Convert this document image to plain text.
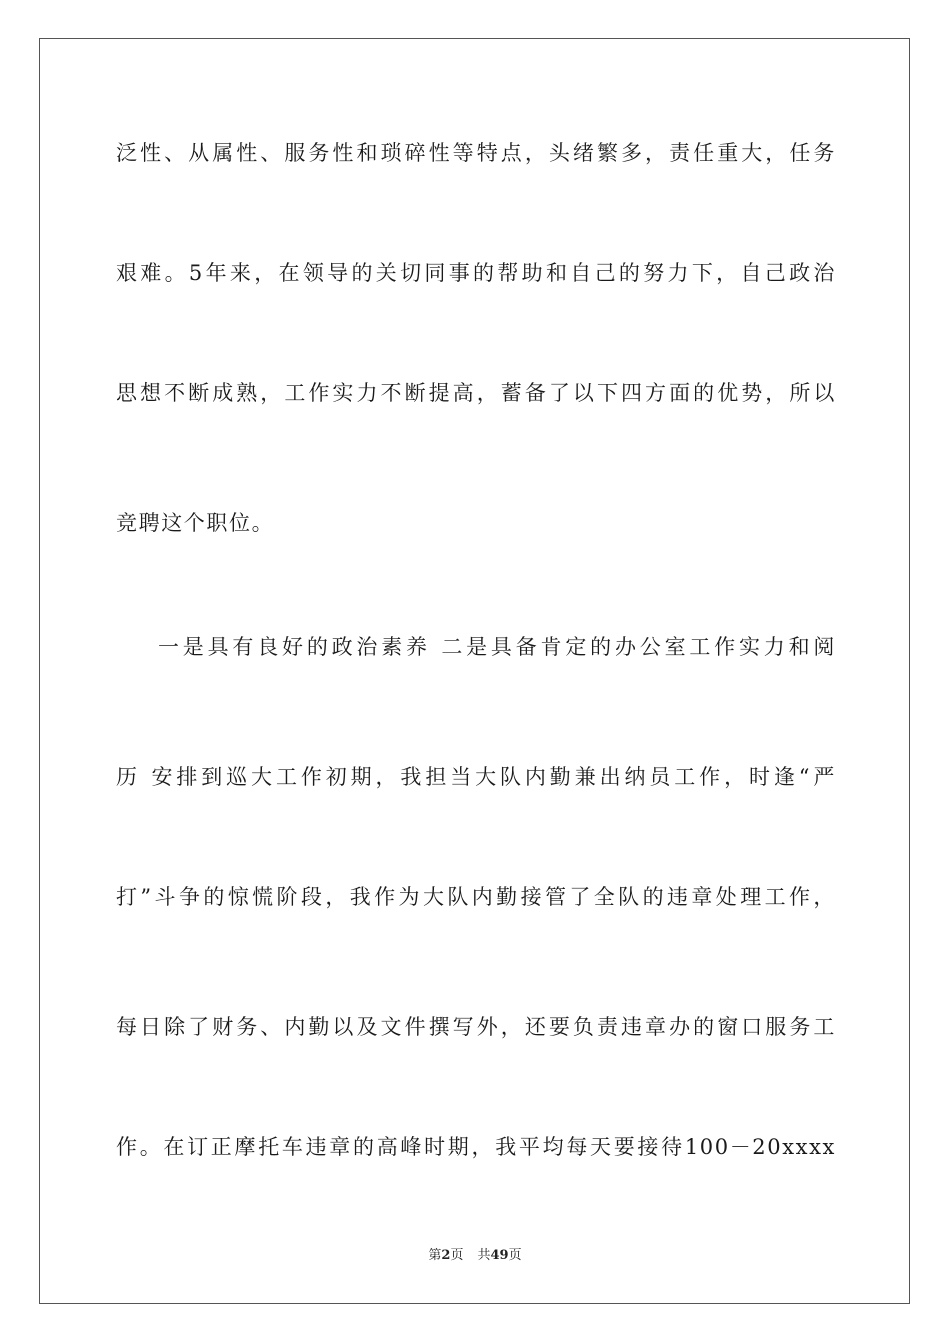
泛性、从属性、服务性和琐碎性等特点，头绪繁多，责任重大，任务
艰难。5年来，在领导的关切同事的帮助和自己的努力下，自己政治
思想不断成熟，工作实力不断提高，蓄备了以下四方面的优势，所以
竞聘这个职位。
一是具有良好的政治素养 二是具备肯定的办公室工作实力和阅
历 安排到巡大工作初期，我担当大队内勤兼出纳员工作，时逢“严
打”斗争的惊慌阶段，我作为大队内勤接管了全队的违章处理工作，
每日除了财务、内勤以及文件撰写外，还要负责违章办的窗口服务工
作。在订正摩托车违章的高峰时期，我平均每天要接待100－20xxxx
第2页 共49页
